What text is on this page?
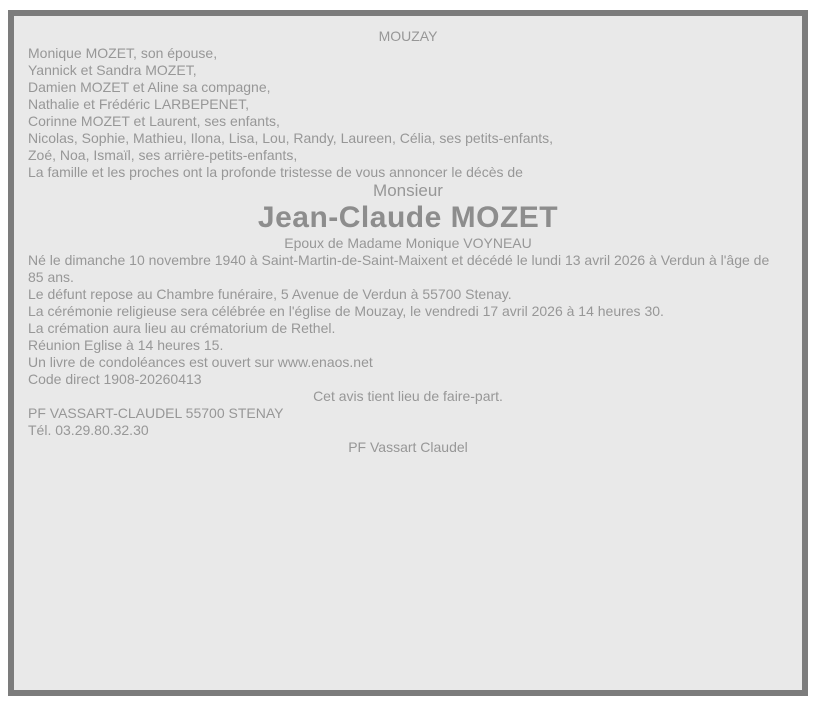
MOUZAY
Monique MOZET, son épouse,
Yannick et Sandra MOZET,
Damien MOZET et Aline sa compagne,
Nathalie et Frédéric LARBEPENET,
Corinne MOZET et Laurent, ses enfants,
Nicolas, Sophie, Mathieu, Ilona, Lisa, Lou, Randy, Laureen, Célia, ses petits-enfants,
Zoé, Noa, Ismaïl, ses arrière-petits-enfants,

La famille et les proches ont la profonde tristesse de vous annoncer le décès de

Monsieur
Jean-Claude MOZET
Epoux de Madame Monique VOYNEAU

Né le dimanche 10 novembre 1940 à Saint-Martin-de-Saint-Maixent et décédé le lundi 13 avril 2026 à Verdun à l'âge de 85 ans.

Le défunt repose au Chambre funéraire, 5 Avenue de Verdun à 55700 Stenay.

La cérémonie religieuse sera célébrée en l'église de Mouzay, le vendredi 17 avril 2026 à 14 heures 30.
La crémation aura lieu au crématorium de Rethel.

Réunion Eglise à 14 heures 15.

Un livre de condoléances est ouvert sur www.enaos.net
Code direct 1908-20260413

Cet avis tient lieu de faire-part.

PF VASSART-CLAUDEL 55700 STENAY
Tél. 03.29.80.32.30

PF Vassart Claudel
